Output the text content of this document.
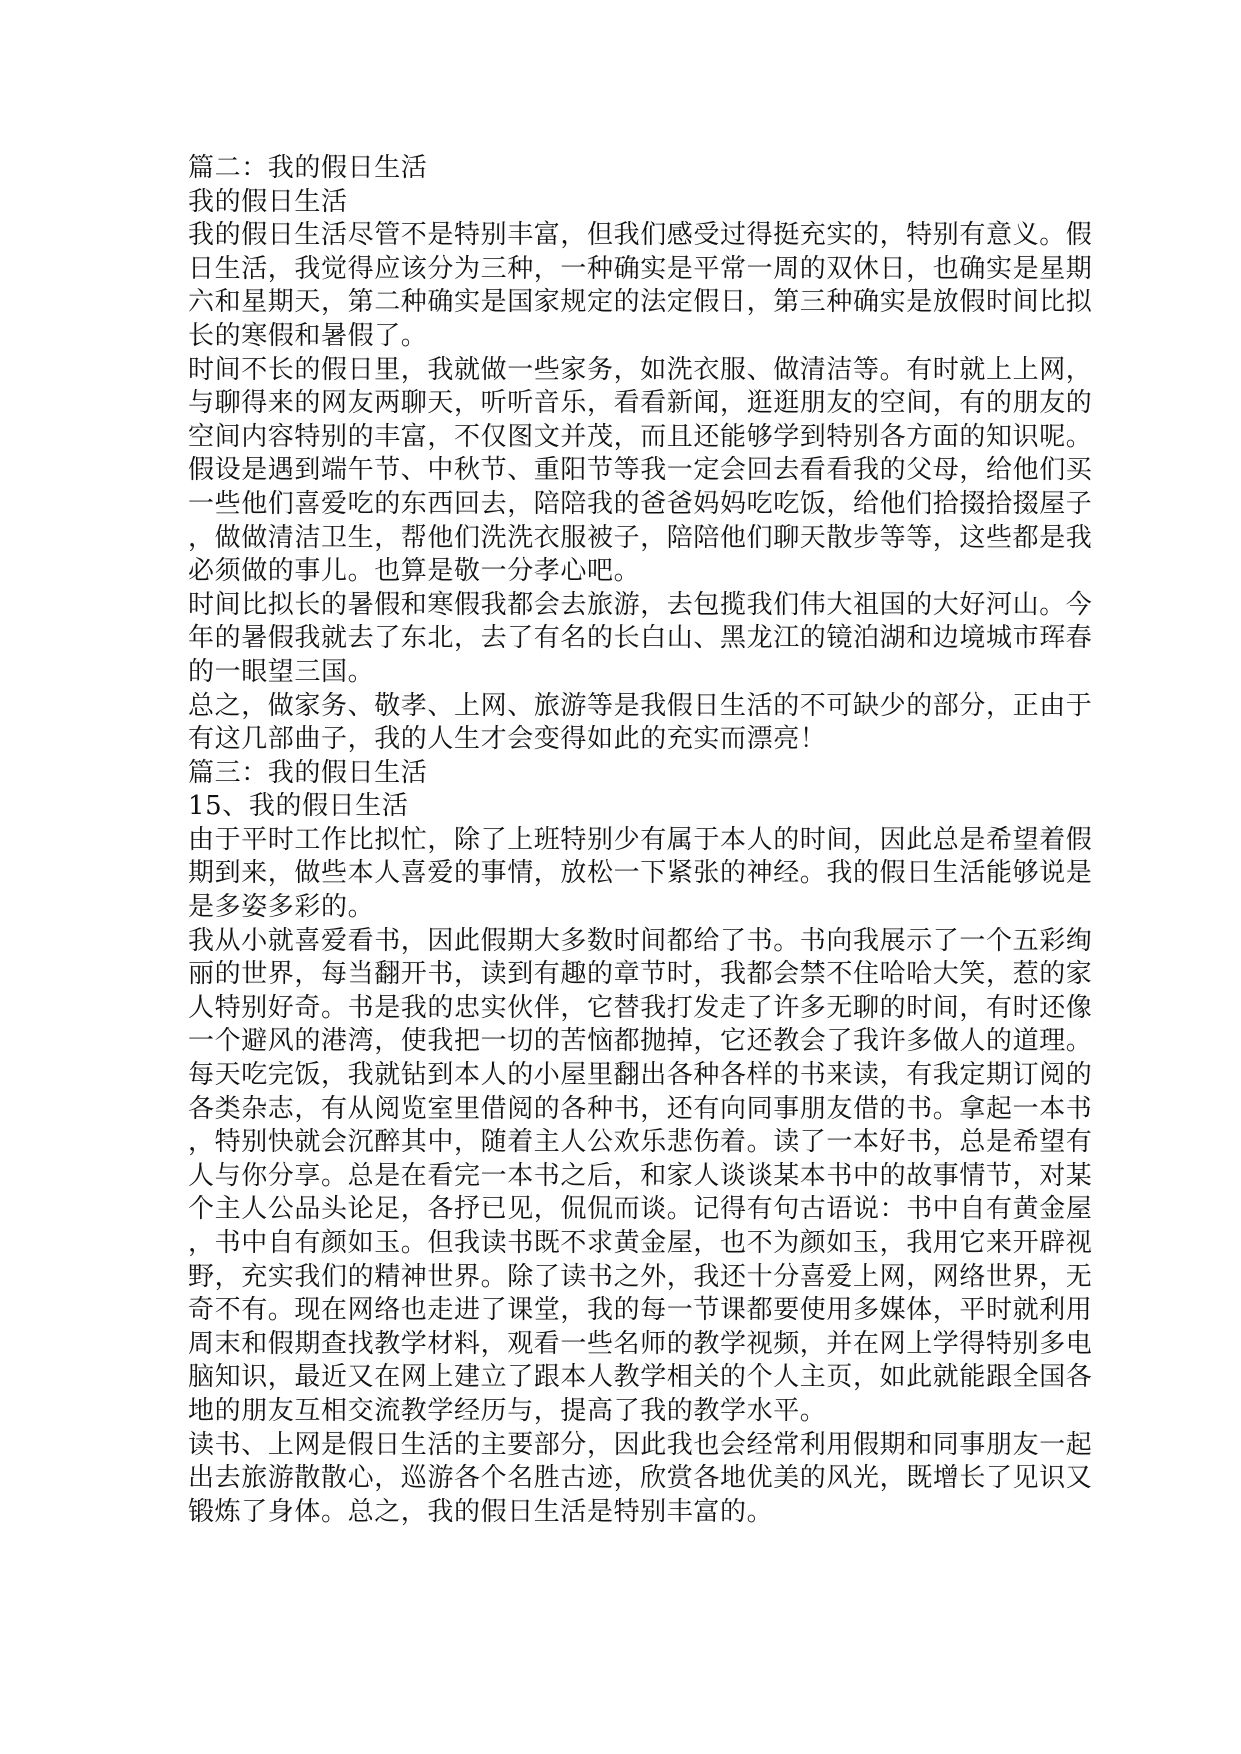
篇二：我的假日生活
我的假日生活
我的假日生活尽管不是特别丰富，但我们感受过得挺充实的，特别有意义。假
日生活，我觉得应该分为三种，一种确实是平常一周的双休日，也确实是星期
六和星期天，第二种确实是国家规定的法定假日，第三种确实是放假时间比拟
长的寒假和暑假了。
时间不长的假日里，我就做一些家务，如洗衣服、做清洁等。有时就上上网，
与聊得来的网友两聊天，听听音乐，看看新闻，逛逛朋友的空间，有的朋友的
空间内容特别的丰富，不仅图文并茂，而且还能够学到特别各方面的知识呢。
假设是遇到端午节、中秋节、重阳节等我一定会回去看看我的父母，给他们买
一些他们喜爱吃的东西回去，陪陪我的爸爸妈妈吃吃饭，给他们拾掇拾掇屋子
，做做清洁卫生，帮他们洗洗衣服被子，陪陪他们聊天散步等等，这些都是我
必须做的事儿。也算是敬一分孝心吧。
时间比拟长的暑假和寒假我都会去旅游，去包揽我们伟大祖国的大好河山。今
年的暑假我就去了东北，去了有名的长白山、黑龙江的镜泊湖和边境城市珲春
的一眼望三国。
总之，做家务、敬孝、上网、旅游等是我假日生活的不可缺少的部分，正由于
有这几部曲子，我的人生才会变得如此的充实而漂亮！
篇三：我的假日生活
15、我的假日生活
由于平时工作比拟忙，除了上班特别少有属于本人的时间，因此总是希望着假
期到来，做些本人喜爱的事情，放松一下紧张的神经。我的假日生活能够说是
是多姿多彩的。
我从小就喜爱看书，因此假期大多数时间都给了书。书向我展示了一个五彩绚
丽的世界，每当翻开书，读到有趣的章节时，我都会禁不住哈哈大笑，惹的家
人特别好奇。书是我的忠实伙伴，它替我打发走了许多无聊的时间，有时还像
一个避风的港湾，使我把一切的苦恼都抛掉，它还教会了我许多做人的道理。
每天吃完饭，我就钻到本人的小屋里翻出各种各样的书来读，有我定期订阅的
各类杂志，有从阅览室里借阅的各种书，还有向同事朋友借的书。拿起一本书
，特别快就会沉醉其中，随着主人公欢乐悲伤着。读了一本好书，总是希望有
人与你分享。总是在看完一本书之后，和家人谈谈某本书中的故事情节，对某
个主人公品头论足，各抒已见，侃侃而谈。记得有句古语说：书中自有黄金屋
，书中自有颜如玉。但我读书既不求黄金屋，也不为颜如玉，我用它来开辟视
野，充实我们的精神世界。除了读书之外，我还十分喜爱上网，网络世界，无
奇不有。现在网络也走进了课堂，我的每一节课都要使用多媒体，平时就利用
周末和假期查找教学材料，观看一些名师的教学视频，并在网上学得特别多电
脑知识，最近又在网上建立了跟本人教学相关的个人主页，如此就能跟全国各
地的朋友互相交流教学经历与，提高了我的教学水平。
读书、上网是假日生活的主要部分，因此我也会经常利用假期和同事朋友一起
出去旅游散散心，巡游各个名胜古迹，欣赏各地优美的风光，既增长了见识又
锻炼了身体。总之，我的假日生活是特别丰富的。
